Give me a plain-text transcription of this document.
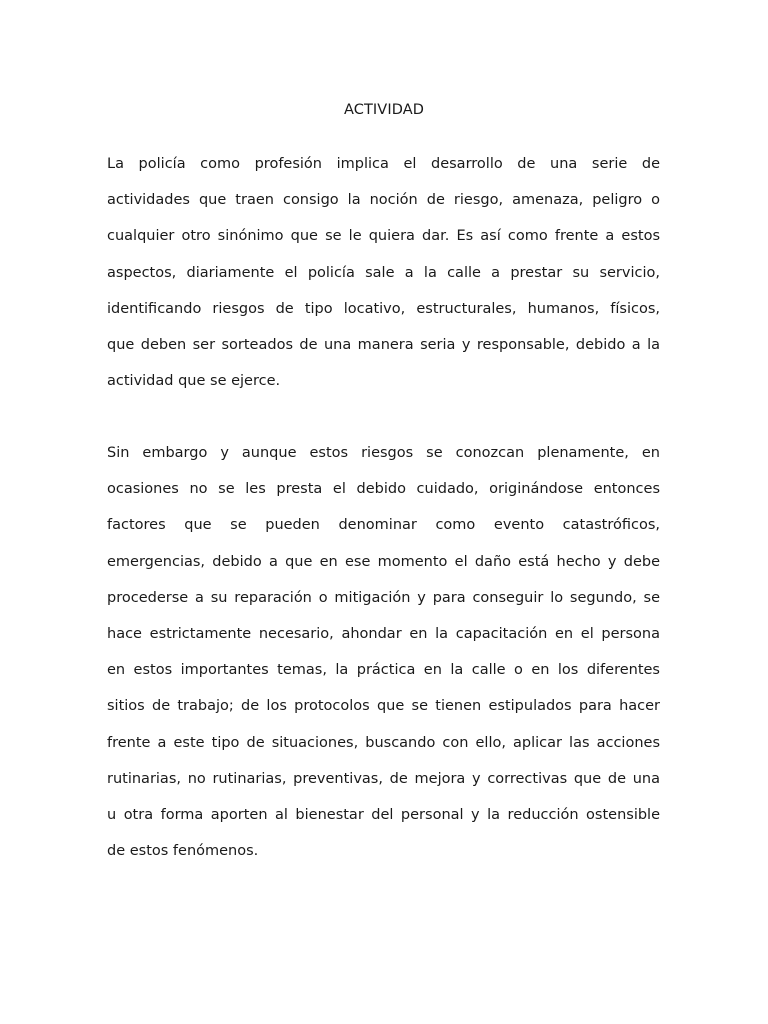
ACTIVIDAD
La policía como profesión implica el desarrollo de una serie de
actividades que traen consigo la noción de riesgo, amenaza, peligro o
cualquier otro sinónimo que se le quiera dar. Es así como frente a estos
aspectos, diariamente el policía sale a la calle a prestar su servicio,
identificando riesgos de tipo locativo, estructurales, humanos, físicos,
que deben ser sorteados de una manera seria y responsable, debido a la
actividad que se ejerce.
Sin embargo y aunque estos riesgos se conozcan plenamente, en
ocasiones no se les presta el debido cuidado, originándose entonces
factores que se pueden denominar como evento catastróficos,
emergencias, debido a que en ese momento el daño está hecho y debe
procederse a su reparación o mitigación y para conseguir lo segundo, se
hace estrictamente necesario, ahondar en la capacitación en el persona
en estos importantes temas, la práctica en la calle o en los diferentes
sitios de trabajo; de los protocolos que se tienen estipulados para hacer
frente a este tipo de situaciones, buscando con ello, aplicar las acciones
rutinarias, no rutinarias, preventivas, de mejora y correctivas que de una
u otra forma aporten al bienestar del personal y la reducción ostensible
de estos fenómenos.
